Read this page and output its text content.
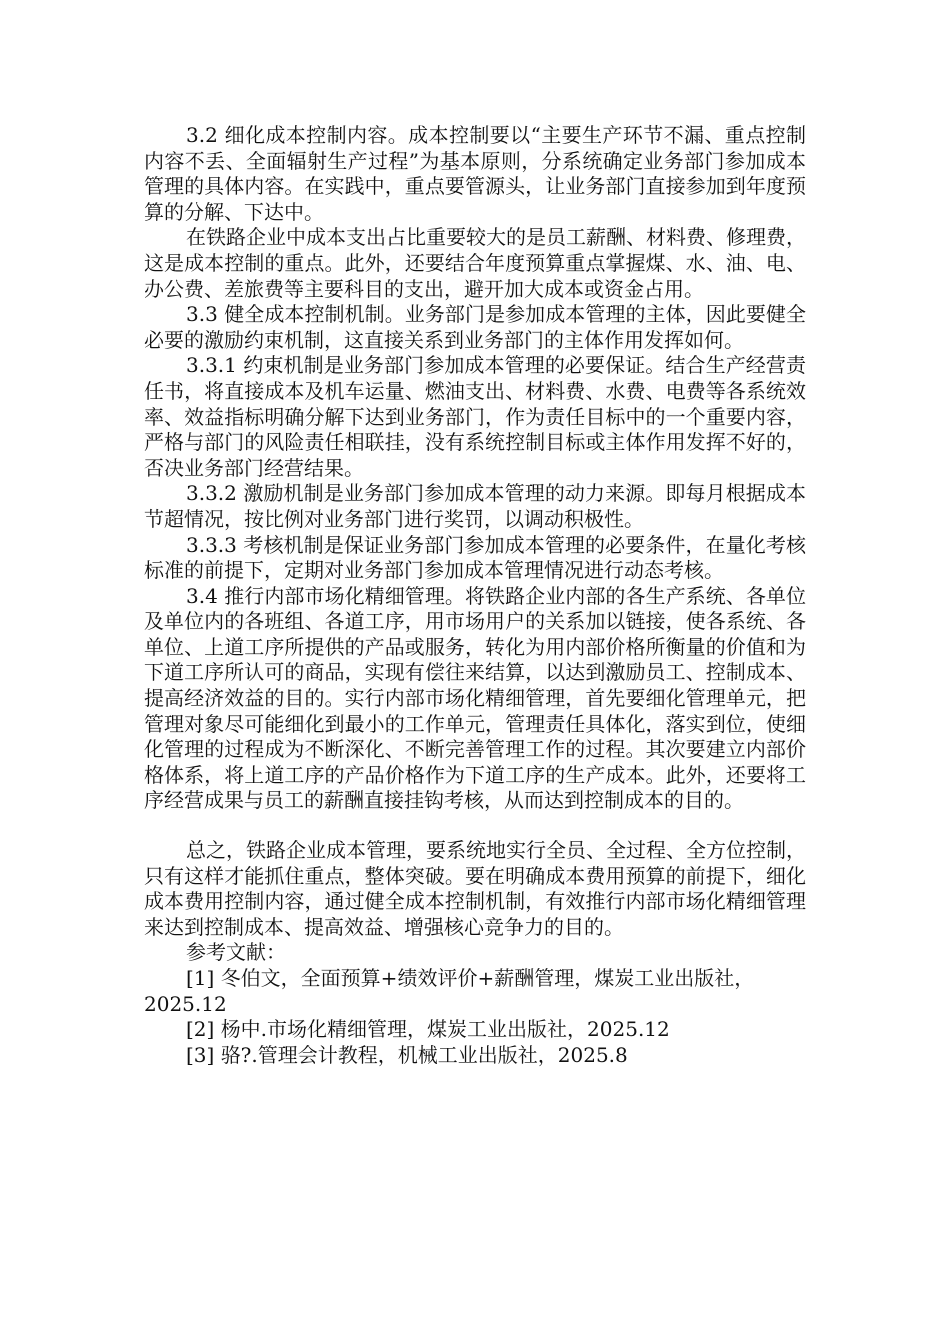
3.2 细化成本控制内容。成本控制要以“主要生产环节不漏、重点控制内容不丢、全面辐射生产过程”为基本原则，分系统确定业务部门参加成本管理的具体内容。在实践中，重点要管源头，让业务部门直接参加到年度预算的分解、下达中。

在铁路企业中成本支出占比重要较大的是员工薪酬、材料费、修理费，这是成本控制的重点。此外，还要结合年度预算重点掌握煤、水、油、电、办公费、差旅费等主要科目的支出，避开加大成本或资金占用。

3.3 健全成本控制机制。业务部门是参加成本管理的主体，因此要健全必要的激励约束机制，这直接关系到业务部门的主体作用发挥如何。

3.3.1 约束机制是业务部门参加成本管理的必要保证。结合生产经营责任书，将直接成本及机车运量、燃油支出、材料费、水费、电费等各系统效率、效益指标明确分解下达到业务部门，作为责任目标中的一个重要内容，严格与部门的风险责任相联挂，没有系统控制目标或主体作用发挥不好的，否决业务部门经营结果。

3.3.2 激励机制是业务部门参加成本管理的动力来源。即每月根据成本节超情况，按比例对业务部门进行奖罚，以调动积极性。

3.3.3 考核机制是保证业务部门参加成本管理的必要条件，在量化考核标准的前提下，定期对业务部门参加成本管理情况进行动态考核。

3.4 推行内部市场化精细管理。将铁路企业内部的各生产系统、各单位及单位内的各班组、各道工序，用市场用户的关系加以链接，使各系统、各单位、上道工序所提供的产品或服务，转化为用内部价格所衡量的价值和为下道工序所认可的商品，实现有偿往来结算，以达到激励员工、控制成本、提高经济效益的目的。实行内部市场化精细管理，首先要细化管理单元，把管理对象尽可能细化到最小的工作单元，管理责任具体化，落实到位，使细化管理的过程成为不断深化、不断完善管理工作的过程。其次要建立内部价格体系，将上道工序的产品价格作为下道工序的生产成本。此外，还要将工序经营成果与员工的薪酬直接挂钩考核，从而达到控制成本的目的。

总之，铁路企业成本管理，要系统地实行全员、全过程、全方位控制，只有这样才能抓住重点，整体突破。要在明确成本费用预算的前提下，细化成本费用控制内容，通过健全成本控制机制，有效推行内部市场化精细管理来达到控制成本、提高效益、增强核心竞争力的目的。

参考文献：

[1] 冬伯文，全面预算+绩效评价+薪酬管理，煤炭工业出版社，2025.12

[2] 杨中.市场化精细管理，煤炭工业出版社，2025.12

[3] 骆?.管理会计教程，机械工业出版社，2025.8
